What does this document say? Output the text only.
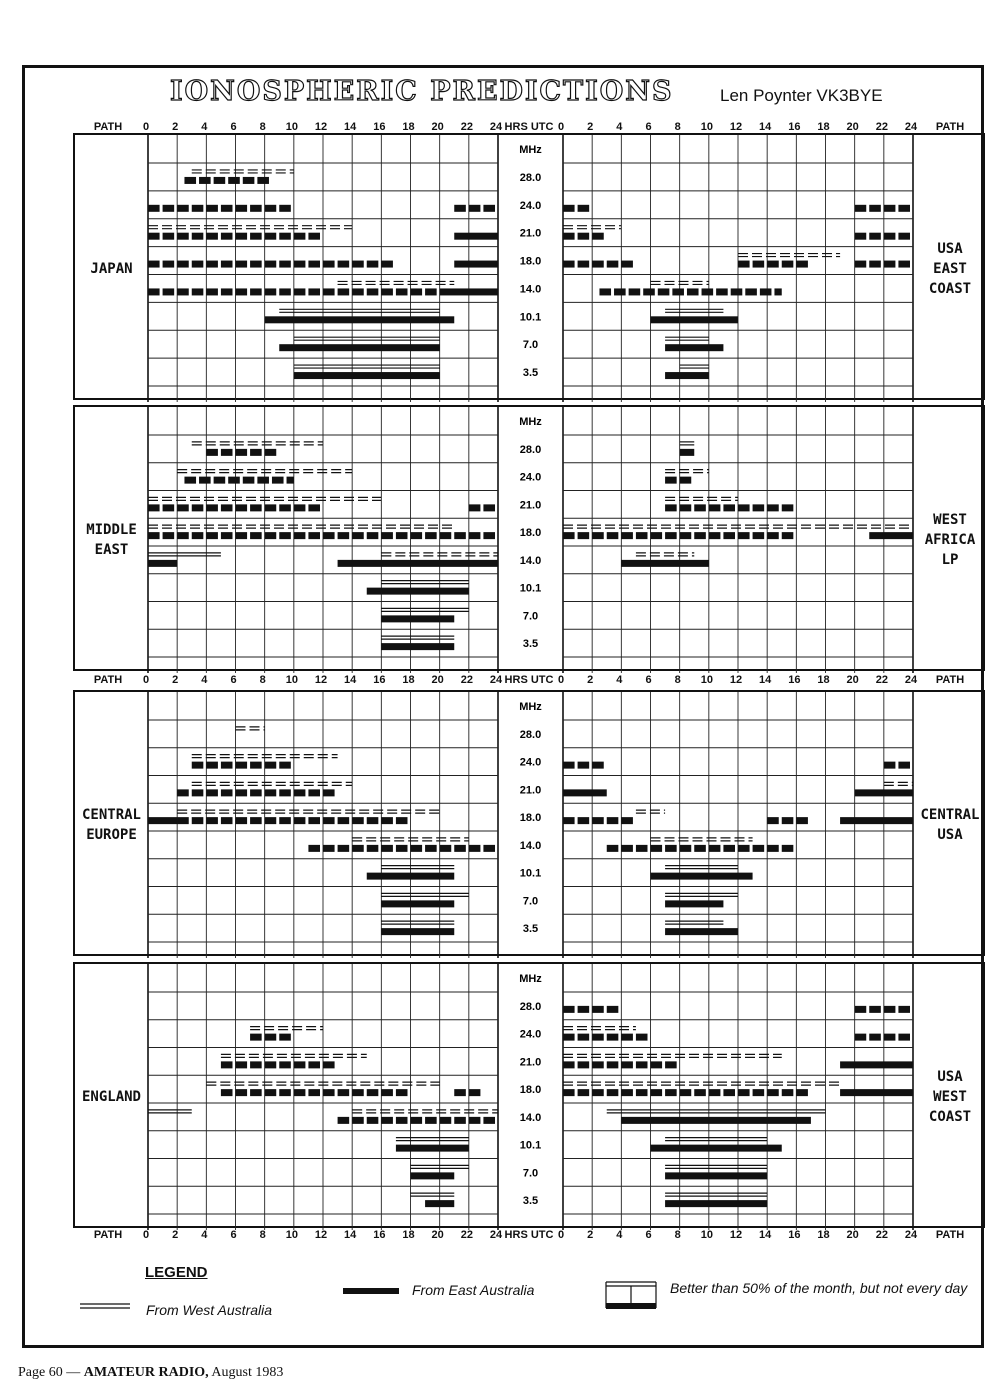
IONOSPHERIC PREDICTIONS	Len Poynter VK3BYE
PATH 0 2 4 6 8 10 12 14 16 18 20 22 24 HRS UTC 0 2 4 6 8 10 12 14 16 18 20 22 24 PATH
PATH 0 2 4 6 8 10 12 14 16 18 20 22 24 HRS UTC 0 2 4 6 8 10 12 14 16 18 20 22 24 PATH
PATH 0 2 4 6 8 10 12 14 16 18 20 22 24 HRS UTC 0 2 4 6 8 10 12 14 16 18 20 22 24 PATH
MHz
28.0
24.0
21.0
18.0
14.0
10.1
7.0
3.5
JAPAN
USA
EAST
COAST
MHz
28.0
24.0
21.0
18.0
14.0
10.1
7.0
3.5
MIDDLE
EAST
WEST
AFRICA
LP
MHz
28.0
24.0
21.0
18.0
14.0
10.1
7.0
3.5
CENTRAL
EUROPE
CENTRAL
USA
MHz
28.0
24.0
21.0
18.0
14.0
10.1
7.0
3.5
ENGLAND
USA
WEST
COAST
LEGEND
From West Australia
From East Australia	Better than 50% of the month, but not every day
Page 60 — AMATEUR RADIO, August 1983
